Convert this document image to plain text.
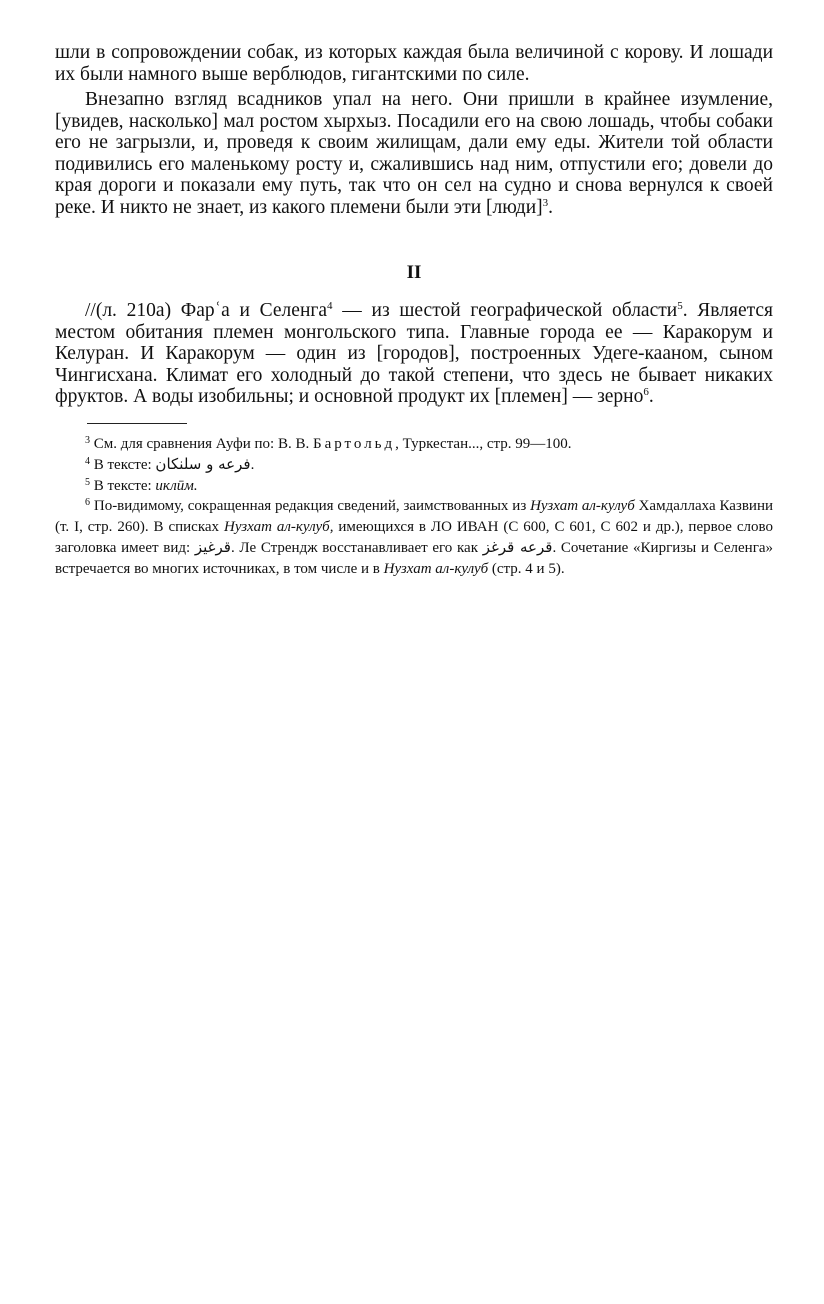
шли в сопровождении собак, из которых каждая была величиной с корову. И лошади их были намного выше верблюдов, гигантскими по силе.

Внезапно взгляд всадников упал на него. Они пришли в крайнее изумление, [увидев, насколько] мал ростом хырхыз. Посадили его на свою лошадь, чтобы собаки его не загрызли, и, проведя к своим жилищам, дали ему еды. Жители той области подивились его маленькому росту и, сжалившись над ним, отпустили его; довели до края дороги и показали ему путь, так что он сел на судно и снова вернулся к своей реке. И никто не знает, из какого племени были эти [люди]$^3$.

II

//(л. 210а) Фарʿа и Селенга$^4$ — из шестой географической области$^5$. Является местом обитания племен монгольского типа. Главные города ее — Каракорум и Келуран. И Каракорум — один из [городов], построенных Удеге-кааном, сыном Чингисхана. Климат его холодный до такой степени, что здесь не бывает никаких фруктов. А воды изобильны; и основной продукт их [племен] — зерно$^6$.

$^3$ См. для сравнения Ауфи по: В. В. Бартольд, Туркестан..., стр. 99—100.

$^4$ В тексте: فرعه و سلنكان.

$^5$ В тексте: иклӣм.

$^6$ По-видимому, сокращенная редакция сведений, заимствованных из Нузхат ал-кулуб Хамдаллаха Казвини (т. I, стр. 260). В списках Нузхат ал-кулуб, имеющихся в ЛО ИВАН (С 600, С 601, С 602 и др.), первое слово заголовка имеет вид: قرغيز. Ле Стрендж восстанавливает его как قرعه قرغز. Сочетание «Киргизы и Селенга» встречается во многих источниках, в том числе и в Нузхат ал-кулуб (стр. 4 и 5).
